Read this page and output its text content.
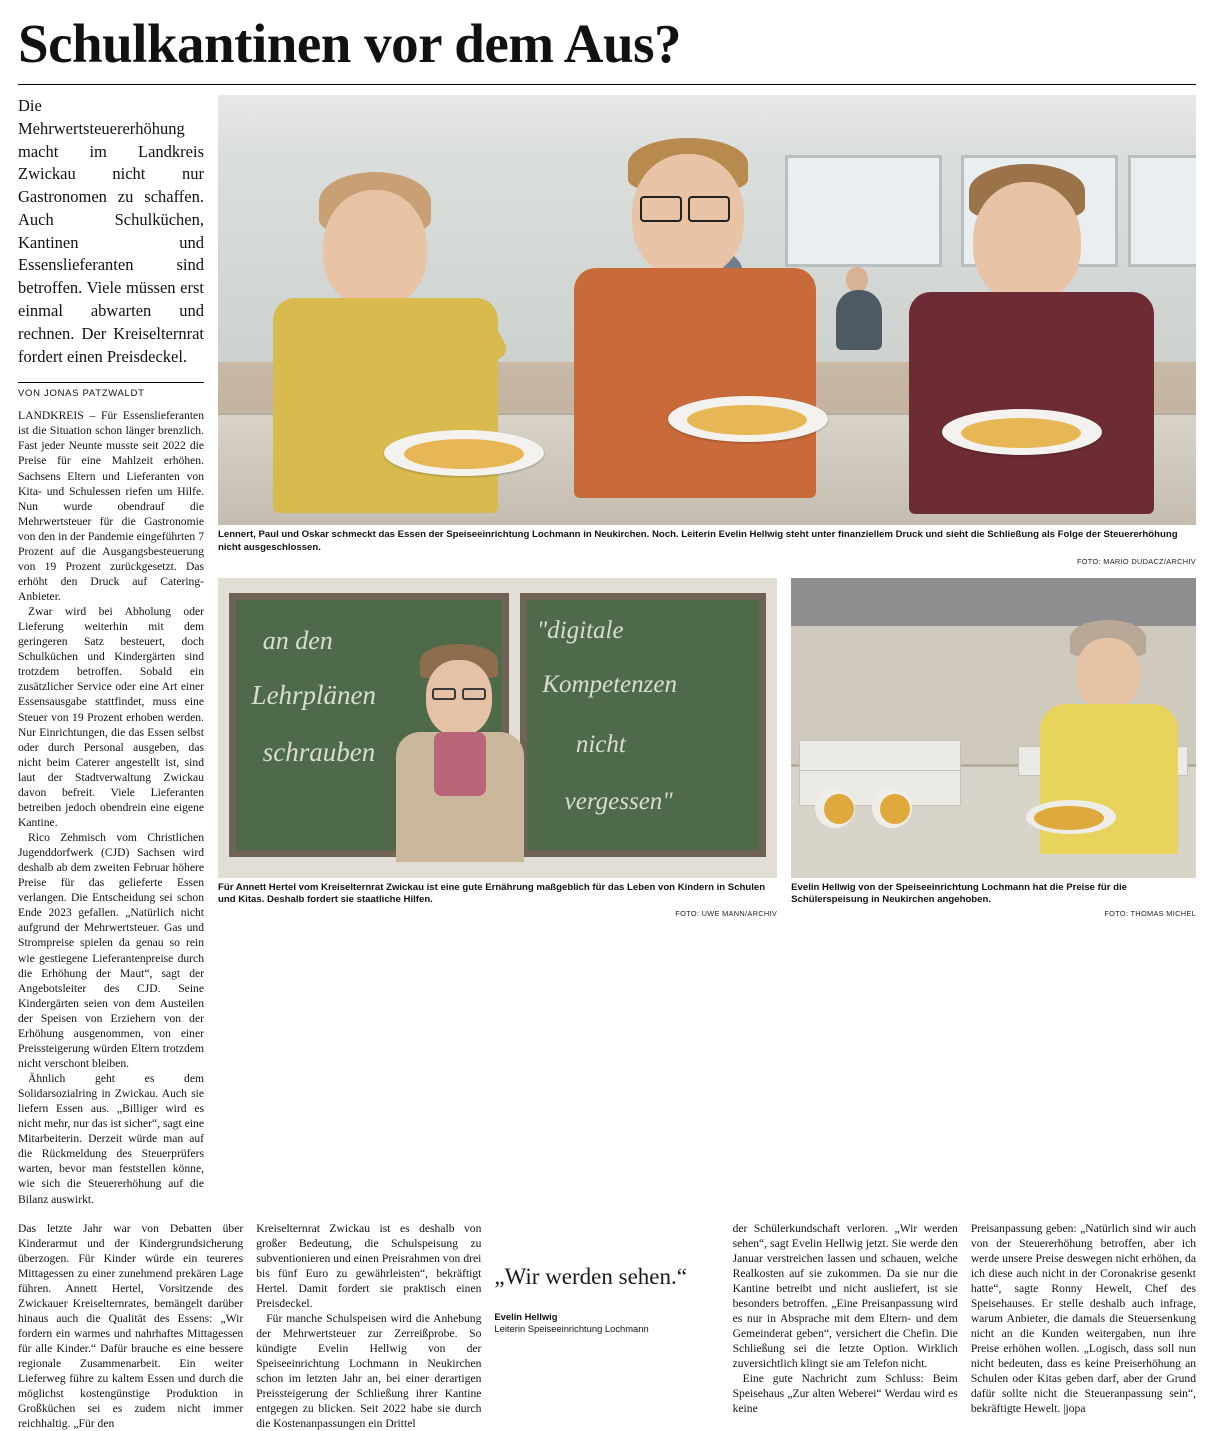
Schulkantinen vor dem Aus?

Die Mehrwertsteuererhöhung macht im Landkreis Zwickau nicht nur Gastronomen zu schaffen. Auch Schulküchen, Kantinen und Essenslieferanten sind betroffen. Viele müssen erst einmal abwarten und rechnen. Der Kreiselternrat fordert einen Preisdeckel.

VON JONAS PATZWALDT

LANDKREIS – Für Essenslieferanten ist die Situation schon länger brenzlich. Fast jeder Neunte musste seit 2022 die Preise für eine Mahlzeit erhöhen. Sachsens Eltern und Lieferanten von Kita- und Schulessen riefen um Hilfe. Nun wurde obendrauf die Mehrwertsteuer für die Gastronomie von den in der Pandemie eingeführten 7 Prozent auf die Ausgangsbesteuerung von 19 Prozent zurückgesetzt. Das erhöht den Druck auf Catering-Anbieter.

Zwar wird bei Abholung oder Lieferung weiterhin mit dem geringeren Satz besteuert, doch Schulküchen und Kindergärten sind trotzdem betroffen. Sobald ein zusätzlicher Service oder eine Art einer Essensausgabe stattfindet, muss eine Steuer von 19 Prozent erhoben werden. Nur Einrichtungen, die das Essen selbst oder durch Personal ausgeben, das nicht beim Caterer angestellt ist, sind laut der Stadtverwaltung Zwickau davon befreit. Viele Lieferanten betreiben jedoch obendrein eine eigene Kantine.

Rico Zehmisch vom Christlichen Jugenddorfwerk (CJD) Sachsen wird deshalb ab dem zweiten Februar höhere Preise für das gelieferte Essen verlangen. Die Entscheidung sei schon Ende 2023 gefallen. „Natürlich nicht aufgrund der Mehrwertsteuer. Gas und Strompreise spielen da genau so rein wie gestiegene Lieferantenpreise durch die Erhöhung der Maut“, sagt der Angebotsleiter des CJD. Seine Kindergärten seien von dem Austeilen der Speisen von Erziehern von der Erhöhung ausgenommen, von einer Preissteigerung würden Eltern trotzdem nicht verschont bleiben.

Ähnlich geht es dem Solidarsozialring in Zwickau. Auch sie liefern Essen aus. „Billiger wird es nicht mehr, nur das ist sicher“, sagt eine Mitarbeiterin. Derzeit würde man auf die Rückmeldung des Steuerprüfers warten, bevor man feststellen könne, wie sich die Steuererhöhung auf die Bilanz auswirkt.

Lennert, Paul und Oskar schmeckt das Essen der Speiseeinrichtung Lochmann in Neukirchen. Noch. Leiterin Evelin Hellwig steht unter finanziellem Druck und sieht die Schließung als Folge der Steuererhöhung nicht ausgeschlossen.

FOTO: MARIO DUDACZ/ARCHIV

an den
Lehrplänen
schrauben
"digitale
Kompetenzen
nicht
vergessen"

Für Annett Hertel vom Kreiselternrat Zwickau ist eine gute Ernährung maßgeblich für das Leben von Kindern in Schulen und Kitas. Deshalb fordert sie staatliche Hilfen.

FOTO: UWE MANN/ARCHIV

Evelin Hellwig von der Speiseeinrichtung Lochmann hat die Preise für die Schülerspeisung in Neukirchen angehoben.

FOTO: THOMAS MICHEL

Das letzte Jahr war von Debatten über Kinderarmut und der Kindergrundsicherung überzogen. Für Kinder würde ein teureres Mittagessen zu einer zunehmend prekären Lage führen. Annett Hertel, Vorsitzende des Zwickauer Kreiselternrates, bemängelt darüber hinaus auch die Qualität des Essens: „Wir fordern ein warmes und nahrhaftes Mittagessen für alle Kinder.“ Dafür brauche es eine bessere regionale Zusammenarbeit. Ein weiter Lieferweg führe zu kaltem Essen und durch die möglichst kostengünstige Produktion in Großküchen sei es zudem nicht immer reichhaltig. „Für den

Kreiselternrat Zwickau ist es deshalb von großer Bedeutung, die Schulspeisung zu subventionieren und einen Preisrahmen von drei bis fünf Euro zu gewährleisten“, bekräftigt Hertel. Damit fordert sie praktisch einen Preisdeckel.

Für manche Schulspeisen wird die Anhebung der Mehrwertsteuer zur Zerreißprobe. So kündigte Evelin Hellwig von der Speiseeinrichtung Lochmann in Neukirchen schon im letzten Jahr an, bei einer derartigen Preissteigerung der Schließung ihrer Kantine entgegen zu blicken. Seit 2022 habe sie durch die Kostenanpassungen ein Drittel

„Wir werden sehen.“
Evelin Hellwig
Leiterin Speiseeinrichtung Lochmann

der Schülerkundschaft verloren. „Wir werden sehen“, sagt Evelin Hellwig jetzt. Sie werde den Januar verstreichen lassen und schauen, welche Realkosten auf sie zukommen. Da sie nur die Kantine betreibt und nicht ausliefert, ist sie besonders betroffen. „Eine Preisanpassung wird es nur in Absprache mit dem Eltern- und dem Gemeinderat geben“, versichert die Chefin. Die Schließung sei die letzte Option. Wirklich zuversichtlich klingt sie am Telefon nicht.

Eine gute Nachricht zum Schluss: Beim Speisehaus „Zur alten Weberei“ Werdau wird es keine

Preisanpassung geben: „Natürlich sind wir auch von der Steuererhöhung betroffen, aber ich werde unsere Preise deswegen nicht erhöhen, da ich diese auch nicht in der Coronakrise gesenkt hatte“, sagte Ronny Hewelt, Chef des Speisehauses. Er stelle deshalb auch infrage, warum Anbieter, die damals die Steuersenkung nicht an die Kunden weitergaben, nun ihre Preise erhöhen wollen. „Logisch, dass soll nun nicht bedeuten, dass es keine Preiserhöhung an Schulen oder Kitas geben darf, aber der Grund dafür sollte nicht die Steueranpassung sein“, bekräftigte Hewelt. |jopa
